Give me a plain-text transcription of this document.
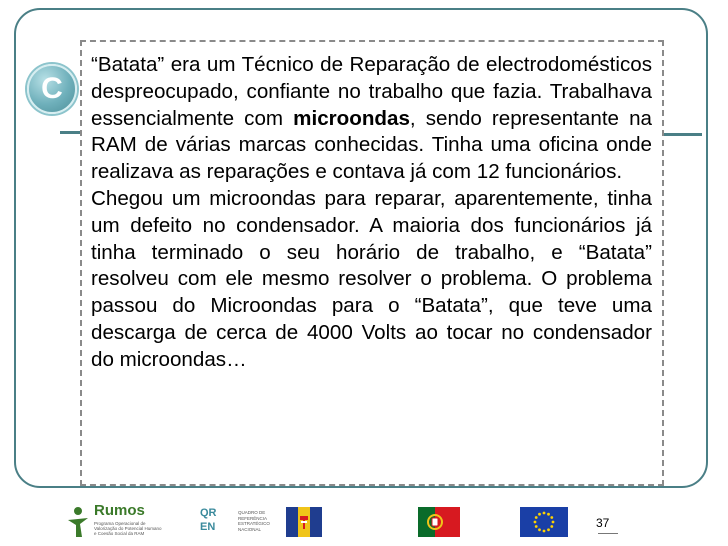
C

“Batata” era um Técnico de Reparação de electrodomésticos despreocupado, confiante no trabalho que fazia. Trabalhava essencialmente com microondas, sendo representante na RAM de várias marcas conhecidas. Tinha uma oficina onde realizava as reparações e contava já com 12 funcionários.

Chegou um microondas para reparar, aparentemente, tinha um defeito no condensador. A maioria dos funcionários já tinha terminado o seu horário de trabalho, e “Batata” resolveu com ele mesmo resolver o problema. O problema passou do Microondas para o “Batata”, que teve uma descarga de cerca de 4000 Volts ao tocar no condensador do microondas…

Rumos
Programa Operacional de Valorização do Potencial Humano e Coesão Social da RAM
QR EN
QUADRO DE REFERÊNCIA ESTRATÉGICO NACIONAL	37
